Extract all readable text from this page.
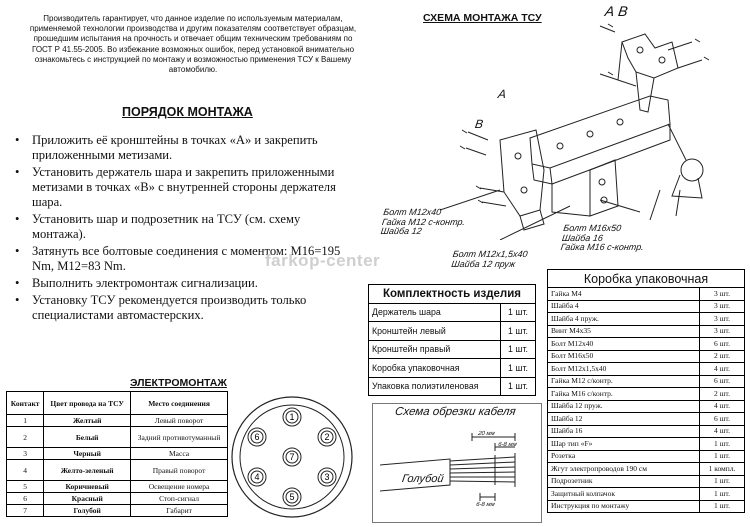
Производитель гарантирует, что данное изделие по используемым материалам, применяемой технологии производства и другим показателям соответствует образцам, прошедшим испытания на прочность и отвечает общим техническим требованиям по ГОСТ Р 41.55-2005. Во избежание возможных ошибок, перед установкой внимательно ознакомьтесь с инструкцией по монтажу и возможностью применения ТСУ к Вашему автомобилю.
ПОРЯДОК МОНТАЖА
• Приложить её кронштейны в точках «А» и закрепить приложенными метизами.
• Установить держатель шара и закрепить приложенными метизами в точках «В» с внутренней стороны держателя шара.
• Установить шар и подрозетник на ТСУ (см. схему монтажа).
• Затянуть все болтовые соединения с моментом: M16=195 Nm, M12=83 Nm.
• Выполнить электромонтаж сигнализации.
• Установку ТСУ рекомендуется производить только специалистами автомастерских.
farkop-center
СХЕМА МОНТАЖА ТСУ	А В
А
В
Болт M12х40
Гайка M12 с-контр.
Шайба 12
Болт M12х1,5х40
Шайба 12 пруж
Болт M16х50
Шайба 16
Гайка M16 с-контр.
ЭЛЕКТРОМОНТАЖ
Контакт	Цвет провода на ТСУ	Место соединения
1	Желтый	Левый поворот
2	Белый	Задний противотуманный
3	Черный	Масса
4	Желто-зеленый	Правый поворот
5	Коричневый	Освещение номера
6	Красный	Стоп-сигнал
7	Голубой	Габарит
1
2
3
5
4
6
7
Комплектность изделия	
Держатель шара	1 шт.
Кронштейн левый	1 шт.
Кронштейн правый	1 шт.
Коробка упаковочная	1 шт.
Упаковка полиэтиленовая	1 шт.
Схема обрезки кабеля
20 мм
6-8 мм
6-8 мм
Голубой
Коробка упаковочная	
Гайка М4	3 шт.
Шайба 4	3 шт.
Шайба 4 пруж.	3 шт.
Винт М4х35	3 шт.
Болт М12х40	6 шт.
Болт М16х50	2 шт.
Болт М12х1,5х40	4 шт.
Гайка М12 с/контр.	6 шт.
Гайка М16 с/контр.	2 шт.
Шайба 12 пруж.	4 шт.
Шайба 12	6 шт.
Шайба 16	4 шт.
Шар тип «F»	1 шт.
Розетка	1 шт.
Жгут электропроводов 190 см	1 компл.
Подрозетник	1 шт.
Защитный колпачок	1 шт.
Инструкция по монтажу	1 шт.
